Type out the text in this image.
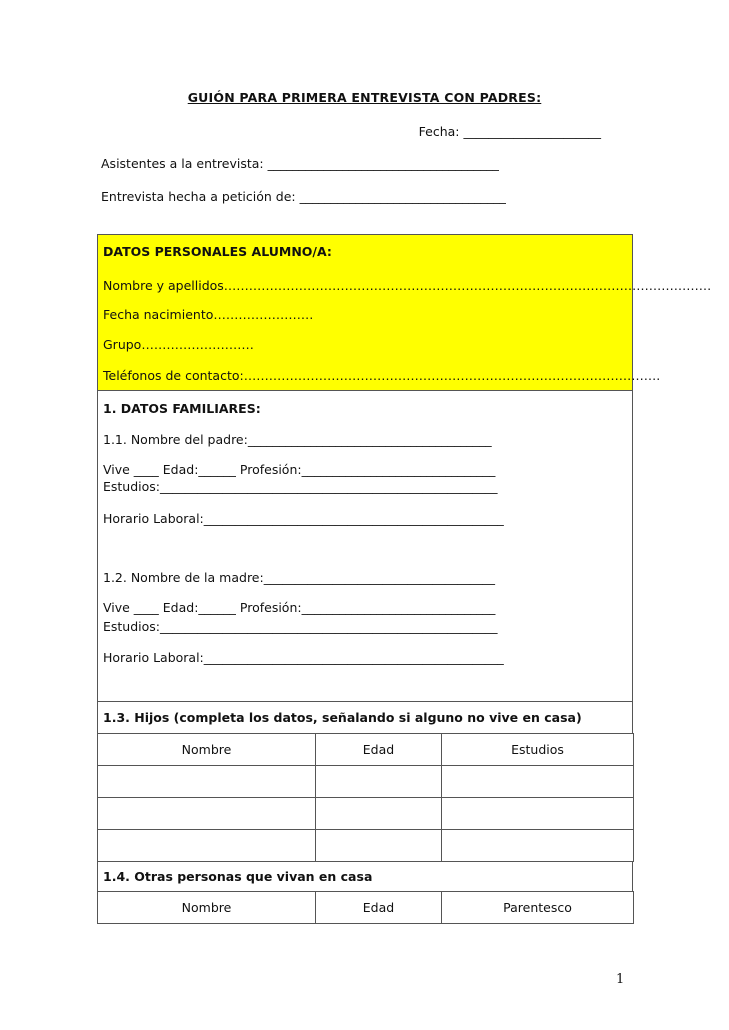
GUIÓN PARA PRIMERA ENTREVISTA CON PADRES:
Fecha: ______________________
Asistentes a la entrevista: _____________________________________
Entrevista hecha a petición de: _________________________________
DATOS PERSONALES ALUMNO/A:
Nombre y apellidos………………………………………………………………………………………………………
Fecha nacimiento……………………
Grupo………………………
Teléfonos de contacto:……………………………………………………………………………………….
1. DATOS FAMILIARES:
1.1. Nombre del padre:_______________________________________
Vive ____ Edad:______ Profesión:_______________________________
Estudios:______________________________________________________
Horario Laboral:________________________________________________
1.2. Nombre de la madre:_____________________________________
Vive ____ Edad:______ Profesión:_______________________________
Estudios:______________________________________________________
Horario Laboral:________________________________________________
1.3. Hijos (completa los datos, señalando si alguno no vive en casa)
Nombre	Edad	Estudios

1.4. Otras personas que vivan en casa
Nombre	Edad	Parentesco
1
